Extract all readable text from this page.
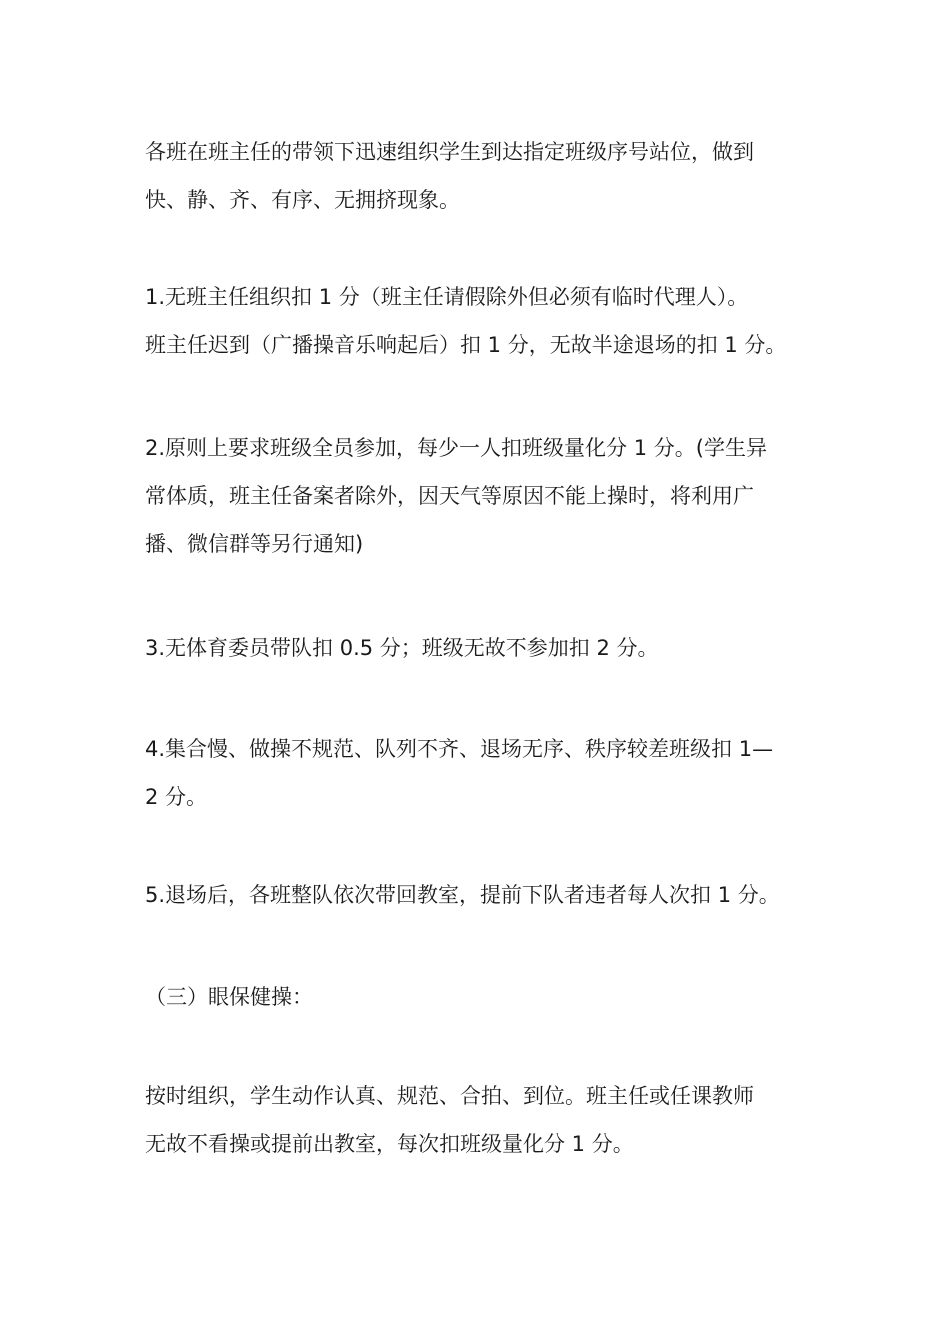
各班在班主任的带领下迅速组织学生到达指定班级序号站位，做到
快、静、齐、有序、无拥挤现象。

1.无班主任组织扣 1 分（班主任请假除外但必须有临时代理人）。
班主任迟到（广播操音乐响起后）扣 1 分，无故半途退场的扣 1 分。

2.原则上要求班级全员参加，每少一人扣班级量化分 1 分。(学生异
常体质，班主任备案者除外，因天气等原因不能上操时，将利用广
播、微信群等另行通知)

3.无体育委员带队扣 0.5 分；班级无故不参加扣 2 分。

4.集合慢、做操不规范、队列不齐、退场无序、秩序较差班级扣 1—
2 分。

5.退场后，各班整队依次带回教室，提前下队者违者每人次扣 1 分。

（三）眼保健操：

按时组织，学生动作认真、规范、合拍、到位。班主任或任课教师
无故不看操或提前出教室，每次扣班级量化分 1 分。
